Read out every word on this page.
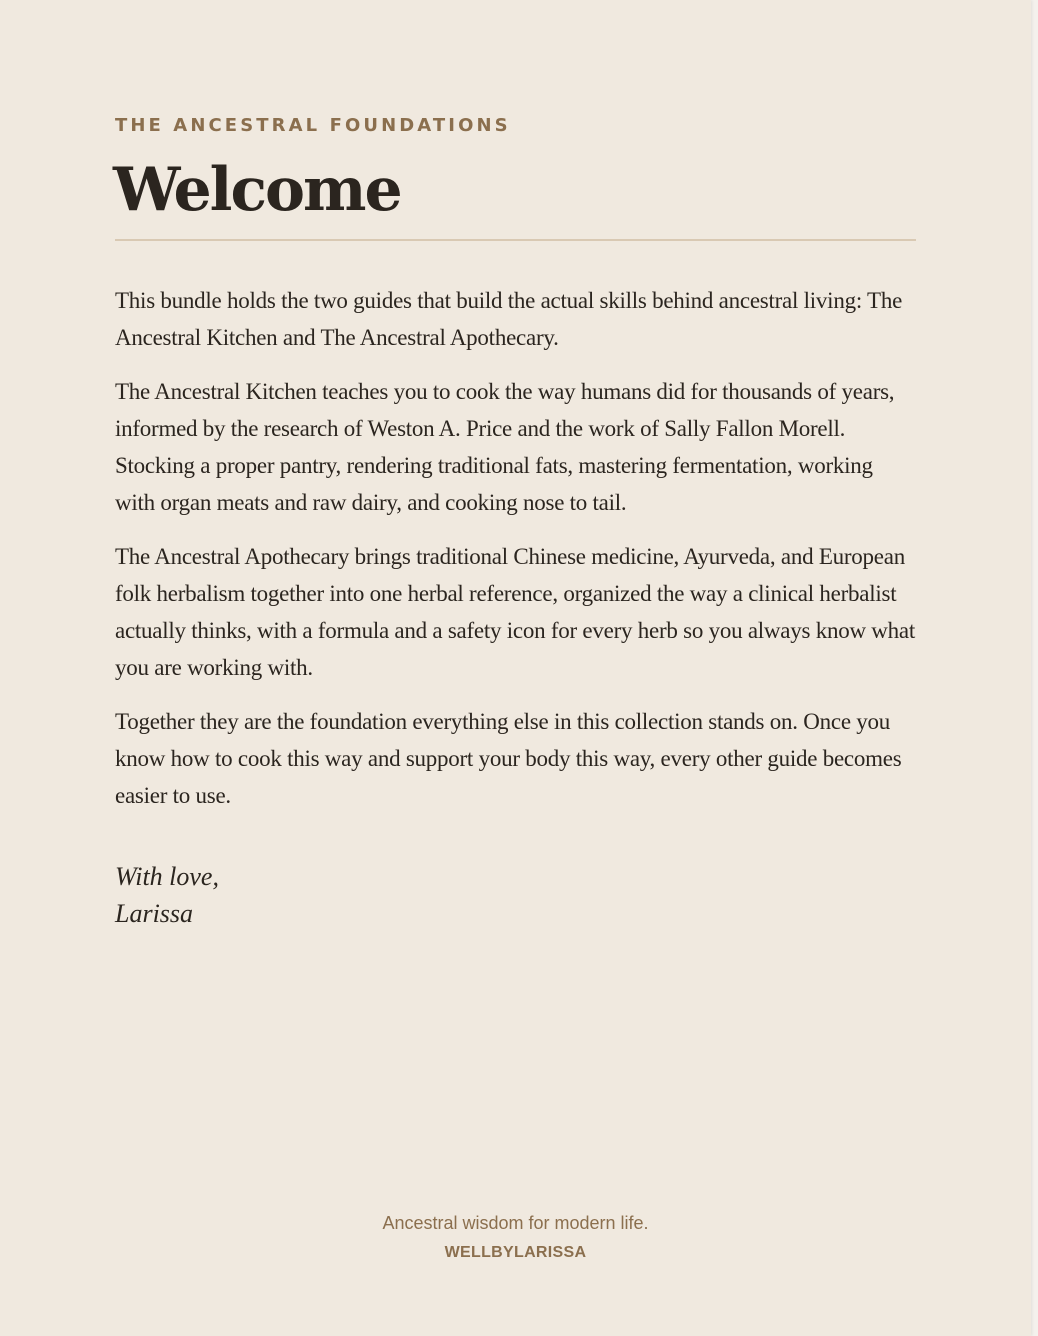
THE ANCESTRAL FOUNDATIONS
Welcome

This bundle holds the two guides that build the actual skills behind ancestral living: The Ancestral Kitchen and The Ancestral Apothecary.

The Ancestral Kitchen teaches you to cook the way humans did for thousands of years, informed by the research of Weston A. Price and the work of Sally Fallon Morell. Stocking a proper pantry, rendering traditional fats, mastering fermentation, working with organ meats and raw dairy, and cooking nose to tail.

The Ancestral Apothecary brings traditional Chinese medicine, Ayurveda, and European folk herbalism together into one herbal reference, organized the way a clinical herbalist actually thinks, with a formula and a safety icon for every herb so you always know what you are working with.

Together they are the foundation everything else in this collection stands on. Once you know how to cook this way and support your body this way, every other guide becomes easier to use.

With love,
Larissa
Ancestral wisdom for modern life.
WELLBYLARISSA
